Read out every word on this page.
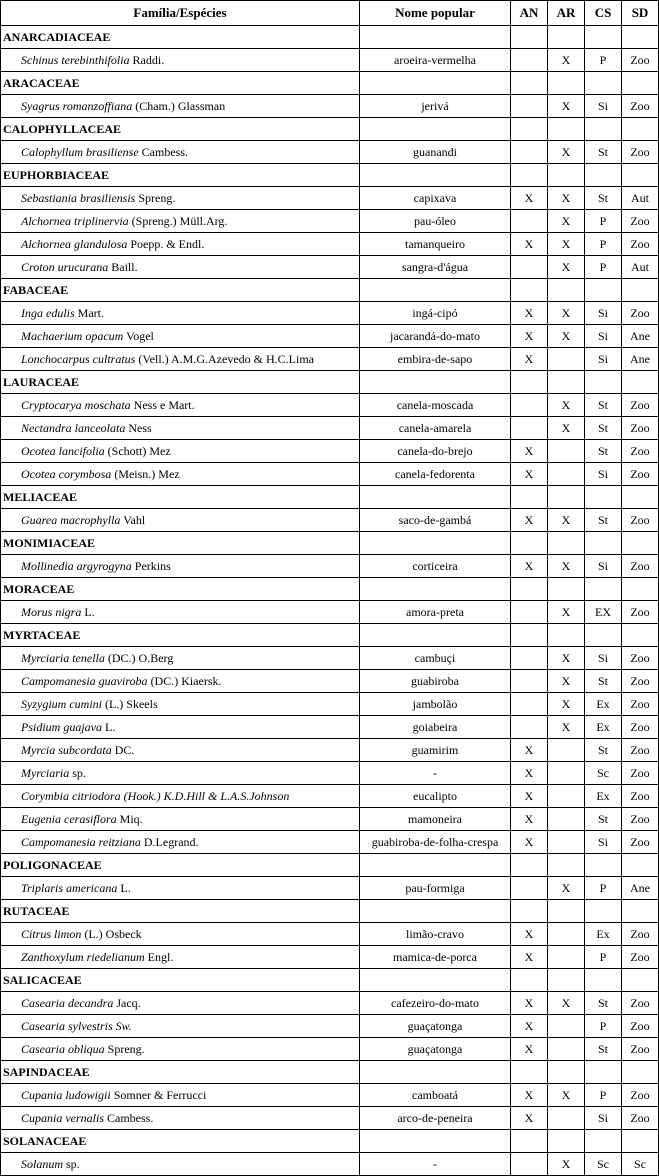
Família/Espécies	Nome popular	AN	AR	CS	SD
ANARCADIACEAE					
Schinus terebinthifolia Raddi.	aroeira-vermelha		X	P	Zoo
ARACACEAE					
Syagrus romanzoffiana (Cham.) Glassman	jerivá		X	Si	Zoo
CALOPHYLLACEAE					
Calophyllum brasiliense Cambess.	guanandi		X	St	Zoo
EUPHORBIACEAE					
Sebastiania brasiliensis Spreng.	capixava	X	X	St	Aut
Alchornea triplinervia (Spreng.) Müll.Arg.	pau-óleo		X	P	Zoo
Alchornea glandulosa Poepp. & Endl.	tamanqueiro	X	X	P	Zoo
Croton urucurana Baill.	sangra-d'água		X	P	Aut
FABACEAE					
Inga edulis Mart.	ingá-cipó	X	X	Si	Zoo
Machaerium opacum Vogel	jacarandá-do-mato	X	X	Si	Ane
Lonchocarpus cultratus (Vell.) A.M.G.Azevedo & H.C.Lima	embira-de-sapo	X		Si	Ane
LAURACEAE					
Cryptocarya moschata Ness e Mart.	canela-moscada		X	St	Zoo
Nectandra lanceolata Ness	canela-amarela		X	St	Zoo
Ocotea lancifolia (Schott) Mez	canela-do-brejo	X		St	Zoo
Ocotea corymbosa (Meisn.) Mez	canela-fedorenta	X		Si	Zoo
MELIACEAE					
Guarea macrophylla Vahl	saco-de-gambá	X	X	St	Zoo
MONIMIACEAE					
Mollinedia argyrogyna Perkins	corticeira	X	X	Si	Zoo
MORACEAE					
Morus nigra L.	amora-preta		X	EX	Zoo
MYRTACEAE					
Myrciaria tenella (DC.) O.Berg	cambuçi		X	Si	Zoo
Campomanesia guaviroba (DC.) Kiaersk.	guabiroba		X	St	Zoo
Syzygium cumini (L.) Skeels	jambolão		X	Ex	Zoo
Psidium guajava L.	goiabeira		X	Ex	Zoo
Myrcia subcordata DC.	guamirim	X		St	Zoo
Myrciaria sp.	-	X		Sc	Zoo
Corymbia citriodora (Hook.) K.D.Hill & L.A.S.Johnson	eucalipto	X		Ex	Zoo
Eugenia cerasiflora Miq.	mamoneira	X		St	Zoo
Campomanesia reitziana D.Legrand.	guabiroba-de-folha-crespa	X		Si	Zoo
POLIGONACEAE					
Triplaris americana L.	pau-formiga		X	P	Ane
RUTACEAE					
Citrus limon (L.) Osbeck	limão-cravo	X		Ex	Zoo
Zanthoxylum riedelianum Engl.	mamica-de-porca	X		P	Zoo
SALICACEAE					
Casearia decandra Jacq.	cafezeiro-do-mato	X	X	St	Zoo
Casearia sylvestris Sw.	guaçatonga	X		P	Zoo
Casearia obliqua Spreng.	guaçatonga	X		St	Zoo
SAPINDACEAE					
Cupania ludowigii Somner & Ferrucci	camboatá	X	X	P	Zoo
Cupania vernalis Cambess.	arco-de-peneira	X		Si	Zoo
SOLANACEAE					
Solanum sp.	-		X	Sc	Sc
